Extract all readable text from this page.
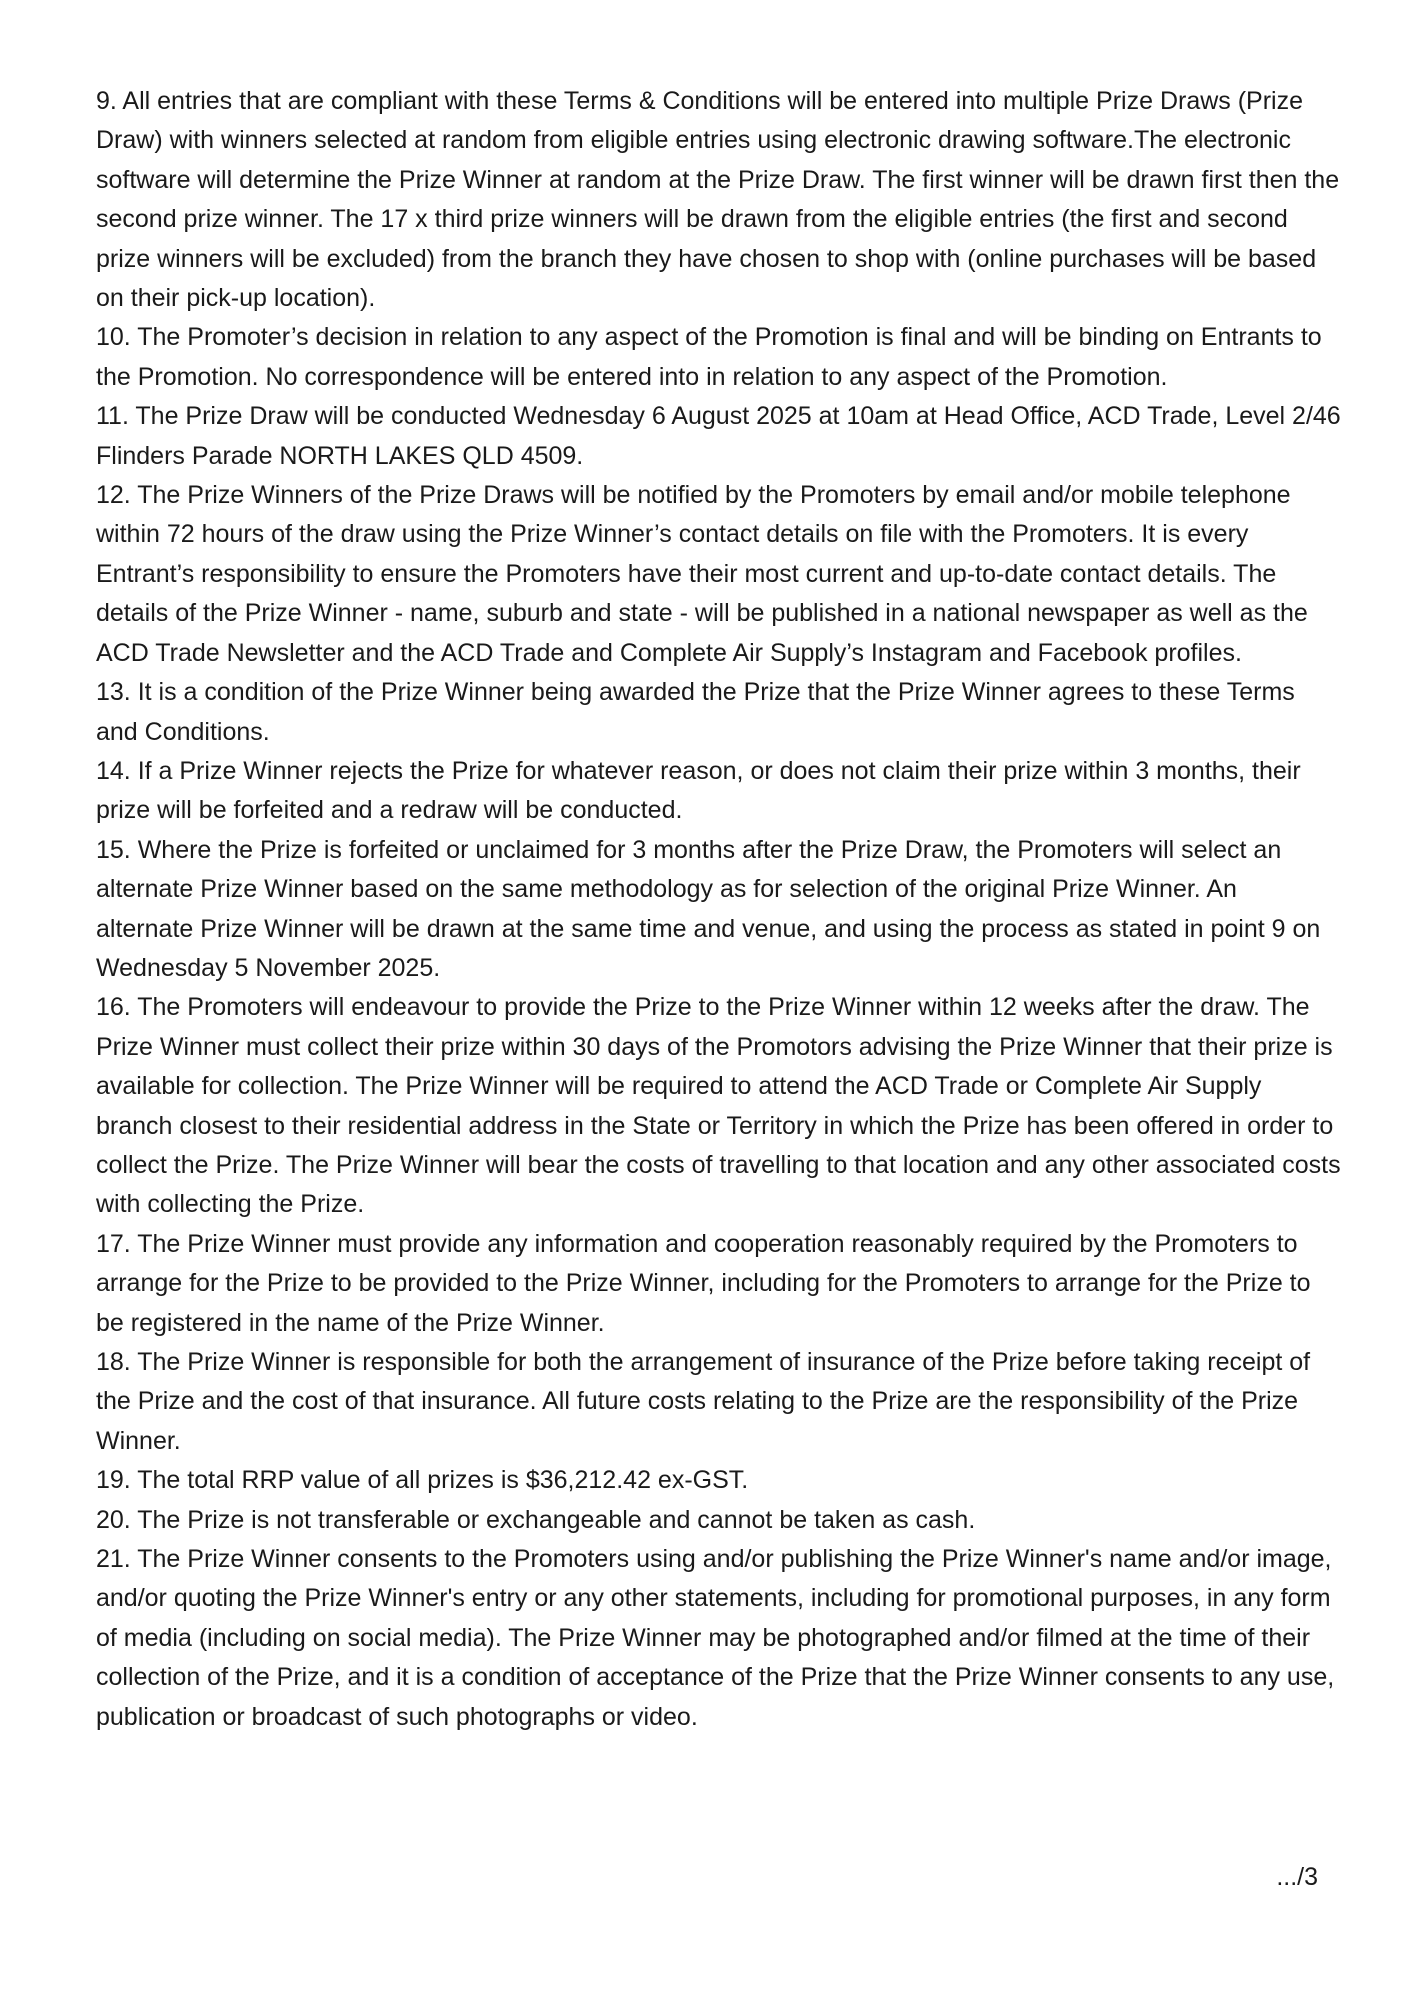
9. All entries that are compliant with these Terms & Conditions will be entered into multiple Prize Draws (Prize Draw) with winners selected at random from eligible entries using electronic drawing software.The electronic software will determine the Prize Winner at random at the Prize Draw. The first winner will be drawn first then the second prize winner. The 17 x third prize winners will be drawn from the eligible entries (the first and second prize winners will be excluded) from the branch they have chosen to shop with (online purchases will be based on their pick-up location).

10. The Promoter’s decision in relation to any aspect of the Promotion is final and will be binding on Entrants to the Promotion. No correspondence will be entered into in relation to any aspect of the Promotion.

11. The Prize Draw will be conducted Wednesday 6 August 2025 at 10am at Head Office, ACD Trade, Level 2/46 Flinders Parade NORTH LAKES QLD 4509.

12. The Prize Winners of the Prize Draws will be notified by the Promoters by email and/or mobile telephone within 72 hours of the draw using the Prize Winner’s contact details on file with the Promoters. It is every Entrant’s responsibility to ensure the Promoters have their most current and up-to-date contact details. The details of the Prize Winner - name, suburb and state - will be published in a national newspaper as well as the ACD Trade Newsletter and the ACD Trade and Complete Air Supply’s Instagram and Facebook profiles.

13. It is a condition of the Prize Winner being awarded the Prize that the Prize Winner agrees to these Terms and Conditions.

14. If a Prize Winner rejects the Prize for whatever reason, or does not claim their prize within 3 months, their prize will be forfeited and a redraw will be conducted.

15. Where the Prize is forfeited or unclaimed for 3 months after the Prize Draw, the Promoters will select an alternate Prize Winner based on the same methodology as for selection of the original Prize Winner. An alternate Prize Winner will be drawn at the same time and venue, and using the process as stated in point 9 on Wednesday 5 November 2025.

16. The Promoters will endeavour to provide the Prize to the Prize Winner within 12 weeks after the draw. The Prize Winner must collect their prize within 30 days of the Promotors advising the Prize Winner that their prize is available for collection. The Prize Winner will be required to attend the ACD Trade or Complete Air Supply branch closest to their residential address in the State or Territory in which the Prize has been offered in order to collect the Prize. The Prize Winner will bear the costs of travelling to that location and any other associated costs with collecting the Prize.

17. The Prize Winner must provide any information and cooperation reasonably required by the Promoters to arrange for the Prize to be provided to the Prize Winner, including for the Promoters to arrange for the Prize to be registered in the name of the Prize Winner.

18. The Prize Winner is responsible for both the arrangement of insurance of the Prize before taking receipt of the Prize and the cost of that insurance. All future costs relating to the Prize are the responsibility of the Prize Winner.

19. The total RRP value of all prizes is $36,212.42 ex-GST.

20. The Prize is not transferable or exchangeable and cannot be taken as cash.

21. The Prize Winner consents to the Promoters using and/or publishing the Prize Winner's name and/or image, and/or quoting the Prize Winner's entry or any other statements, including for promotional purposes, in any form of media (including on social media). The Prize Winner may be photographed and/or filmed at the time of their collection of the Prize, and it is a condition of acceptance of the Prize that the Prize Winner consents to any use, publication or broadcast of such photographs or video.

.../3
